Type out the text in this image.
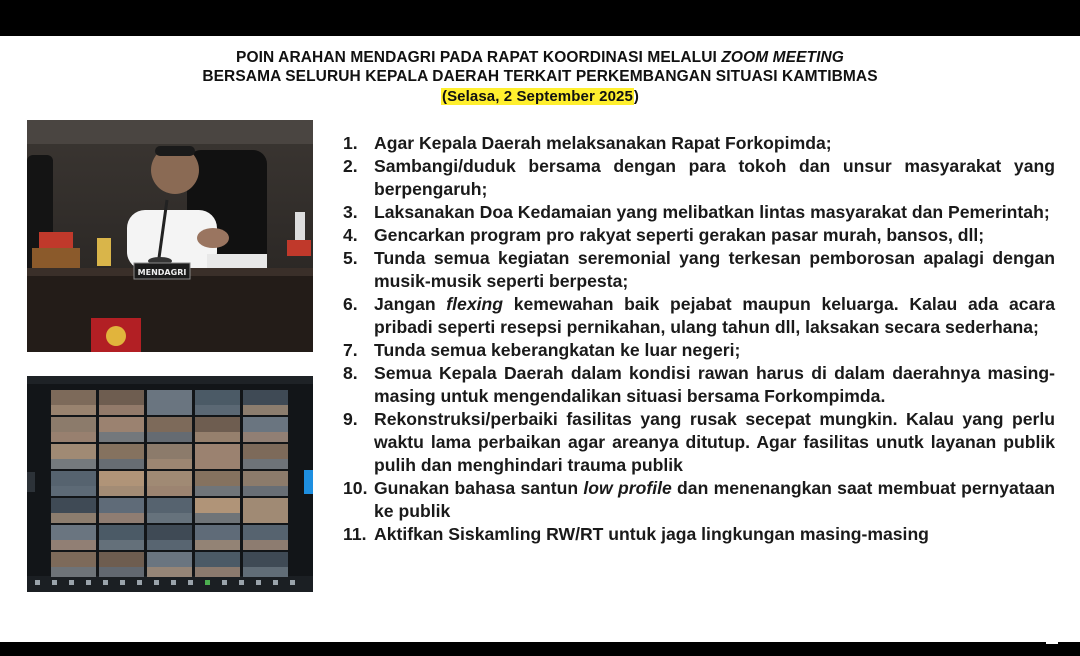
POIN ARAHAN MENDAGRI PADA RAPAT KOORDINASI MELALUI ZOOM MEETING
BERSAMA SELURUH KEPALA DAERAH TERKAIT PERKEMBANGAN SITUASI KAMTIBMAS
(Selasa, 2 September 2025)
MENDAGRI
1. Agar Kepala Daerah melaksanakan Rapat Forkopimda;
2. Sambangi/duduk bersama dengan para tokoh dan unsur masyarakat yang berpengaruh;
3. Laksanakan Doa Kedamaian yang melibatkan lintas masyarakat dan Pemerintah;
4. Gencarkan program pro rakyat seperti gerakan pasar murah, bansos, dll;
5. Tunda semua kegiatan seremonial yang terkesan pemborosan apalagi dengan musik-musik seperti berpesta;
6. Jangan flexing kemewahan baik pejabat maupun keluarga. Kalau ada acara pribadi seperti resepsi pernikahan, ulang tahun dll, laksakan secara sederhana;
7. Tunda semua keberangkatan ke luar negeri;
8. Semua Kepala Daerah dalam kondisi rawan harus di dalam daerahnya masing-masing untuk mengendalikan situasi bersama Forkompimda.
9. Rekonstruksi/perbaiki fasilitas yang rusak secepat mungkin. Kalau yang perlu waktu lama perbaikan agar areanya ditutup. Agar fasilitas unutk layanan publik pulih dan menghindari trauma publik
10. Gunakan bahasa santun low profile dan menenangkan saat membuat pernyataan ke publik
11. Aktifkan Siskamling RW/RT untuk jaga lingkungan masing-masing
